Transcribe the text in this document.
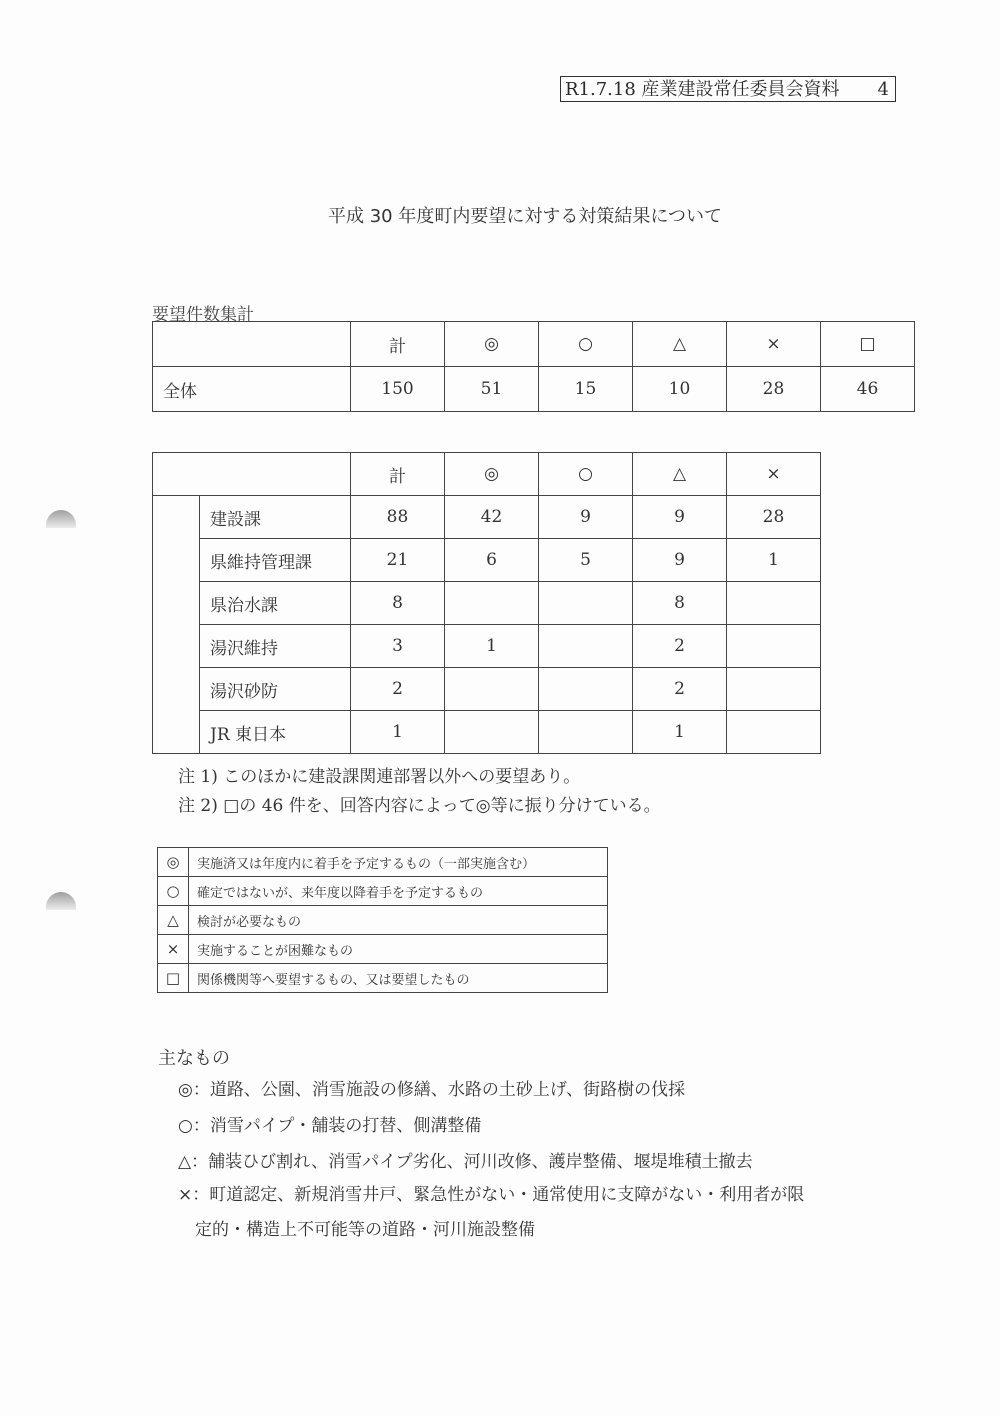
R1.7.18 産業建設常任委員会資料 4
平成 30 年度町内要望に対する対策結果について
要望件数集計
	計	◎	○	△	×	□
全体	150	51	15	10	28	46
		計	◎	○	△	×
	建設課	88	42	9	9	28
	県維持管理課	21	6	5	9	1
	県治水課	8			8	
	湯沢維持	3	1		2	
	湯沢砂防	2			2	
	JR 東日本	1			1	
注 1) このほかに建設課関連部署以外への要望あり。
注 2) □の 46 件を、回答内容によって◎等に振り分けている。
◎	実施済又は年度内に着手を予定するもの（一部実施含む）
○	確定ではないが、来年度以降着手を予定するもの
△	検討が必要なもの
×	実施することが困難なもの
□	関係機関等へ要望するもの、又は要望したもの
主なもの
◎：道路、公園、消雪施設の修繕、水路の土砂上げ、街路樹の伐採
○：消雪パイプ・舗装の打替、側溝整備
△：舗装ひび割れ、消雪パイプ劣化、河川改修、護岸整備、堰堤堆積土撤去
×：町道認定、新規消雪井戸、緊急性がない・通常使用に支障がない・利用者が限
　定的・構造上不可能等の道路・河川施設整備
